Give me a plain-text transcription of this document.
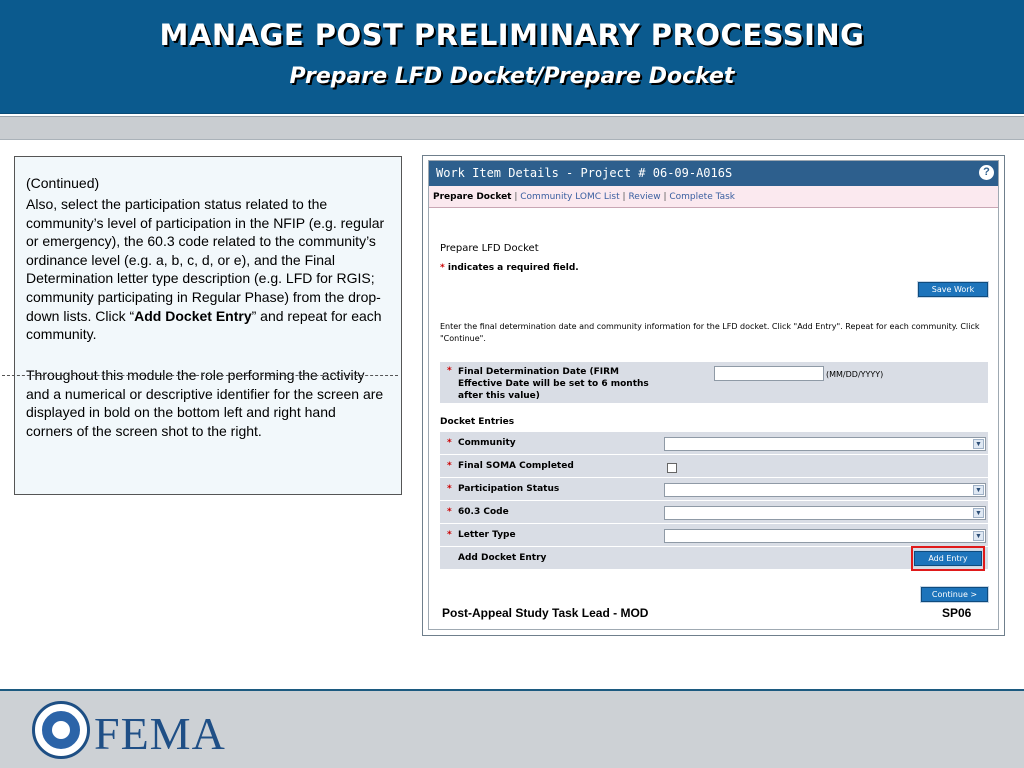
MANAGE POST PRELIMINARY PROCESSING
Prepare LFD Docket/Prepare Docket
(Continued)
Also, select the participation status related to the community’s level of participation in the NFIP (e.g. regular or emergency), the 60.3 code related to the community’s ordinance level (e.g. a, b, c, d, or e), and the Final Determination letter type description (e.g. LFD for RGIS; community participating in Regular Phase) from the drop-down lists. Click “Add Docket Entry” and repeat for each community.
Throughout this module the role performing the activity and a numerical or descriptive identifier for the screen are displayed in bold on the bottom left and right hand corners of the screen shot to the right.
Work Item Details - Project # 06-09-A016S	?
Prepare Docket | Community LOMC List | Review | Complete Task
Prepare LFD Docket
* indicates a required field.
Save Work
Enter the final determination date and community information for the LFD docket. Click "Add Entry". Repeat for each community. Click "Continue".
* Final Determination Date (FIRM
Effective Date will be set to 6 months
after this value)
(MM/DD/YYYY)
Docket Entries
* Community	▼
* Final SOMA Completed
* Participation Status	▼
* 60.3 Code	▼
* Letter Type	▼
Add Docket Entry	Add Entry
Continue >
Post-Appeal Study Task Lead - MOD	SP06
FEMA
